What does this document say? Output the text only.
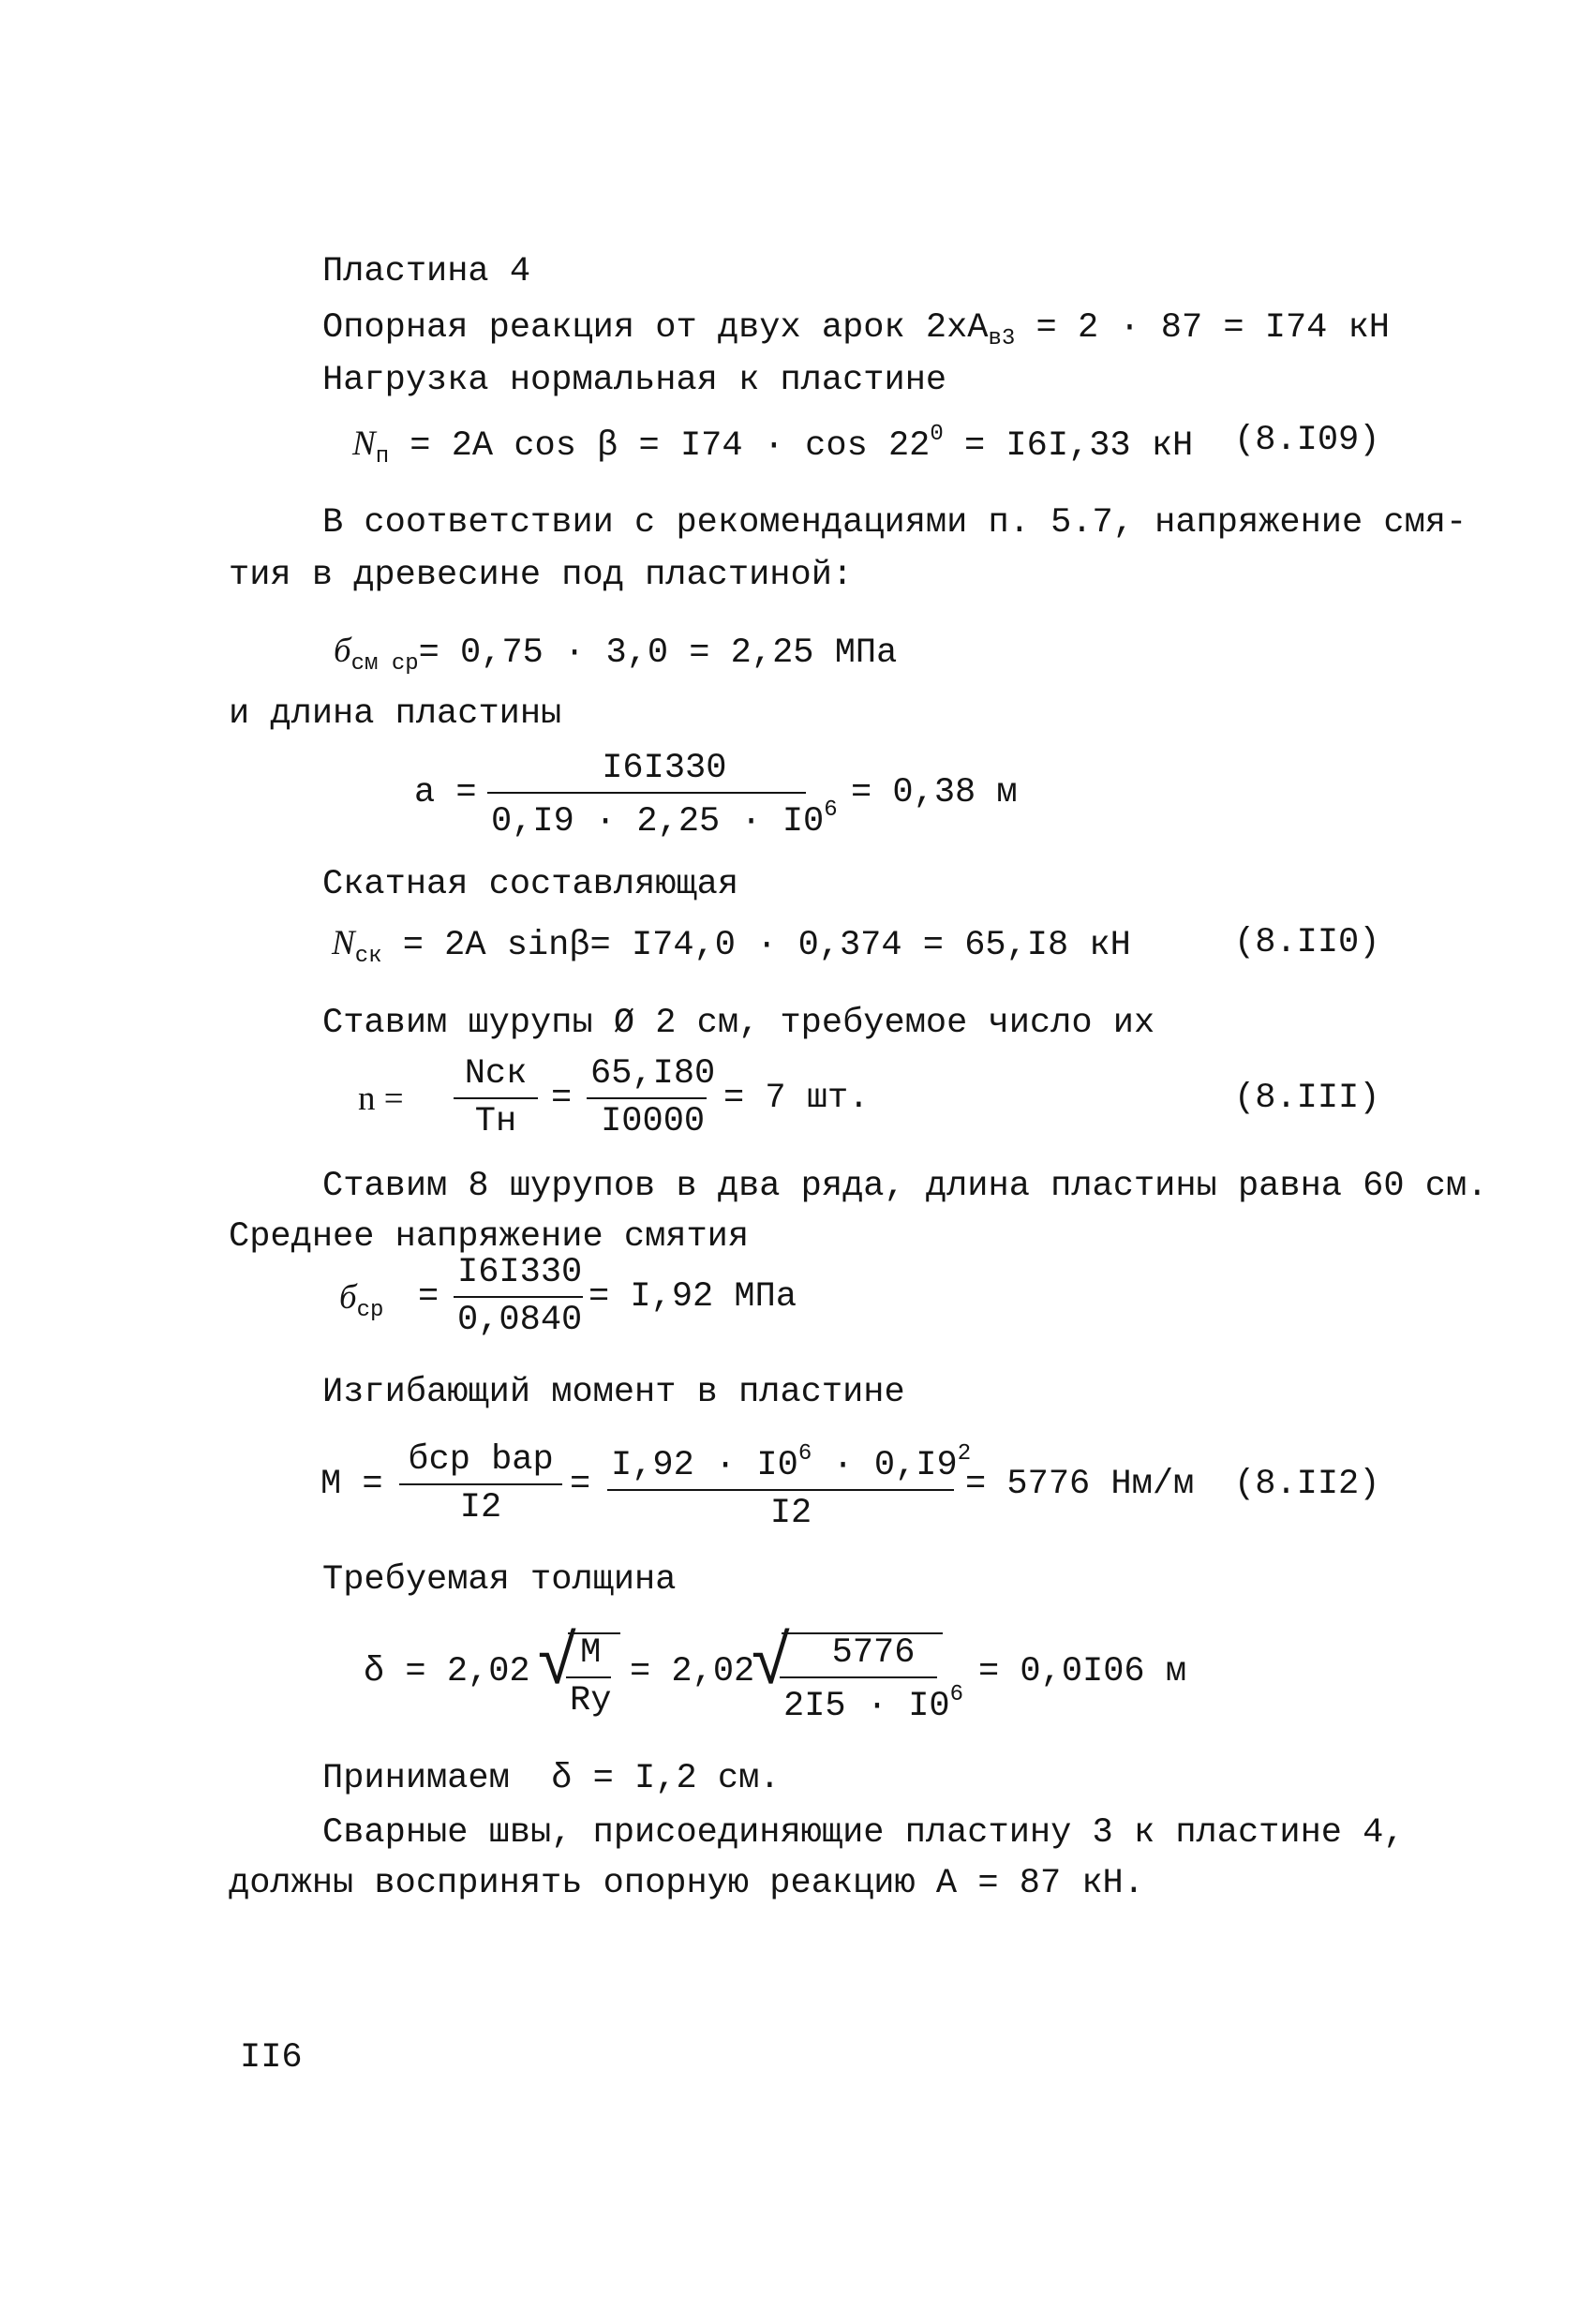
Пластина 4
Опорная реакция от двух арок $2хА_{в3} = 2 \cdot 87 = I74$ кН
Нагрузка нормальная к пластине
$N_п = 2A$ $\cos \beta = I74 \cdot \cos 22^0 = I6I,33$ кН (8.I09)
В соответствии с рекомендациями п. 5.7, напряжение смя-
тия в древесине под пластиной:
$б_{см ср}= 0,75 \cdot 3,0 = 2,25$ МПа
и длина пластины
a =
I6I330
$0,I9 \cdot 2,25 \cdot I0^6 = 0,38$ м
Скатная составляющая
$N_{ск} = 2A$ sinβ= I74,0 · 0,374 = 65,I8 кН	(8.II0)
Ставим шурупы Ø 2 см, требуемое число их
n =
Nск
Tн
=
65,I80
I0000
= 7 шт.	(8.III)
Ставим 8 шурупов в два ряда, длина пластины равна 60 см.
Среднее напряжение смятия
$б_{ср}$ =
I6I330
0,0840
= I,92 МПа
Изгибающий момент в пластине
M =
бср bар
I2
= $I,92 \cdot I0^6 \cdot 0,I9^2$
I2
= 5776 Нм/м (8.II2)
Требуемая толщина
δ = 2,02 √ M
Ry
= 2,02
√	5776
$2I5 \cdot I0^6$
= 0,0I06 м
Принимаем  δ = I,2 см.
Сварные швы, присоединяющие пластину 3 к пластине 4,
должны воспринять опорную реакцию А = 87 кН.
II6
